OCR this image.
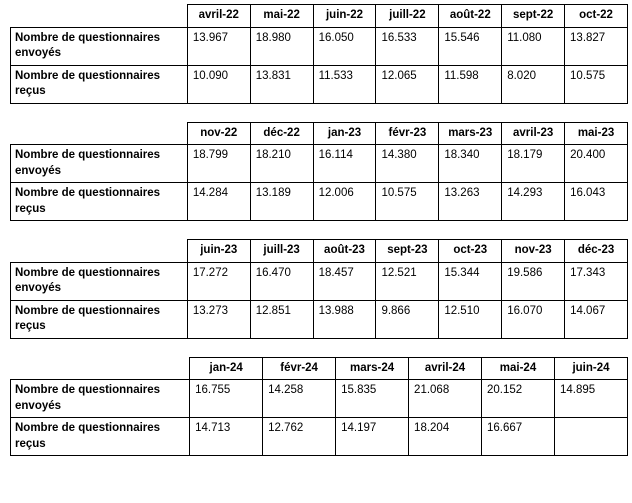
	avril-22	mai-22	juin-22	juill-22	août-22	sept-22	oct-22
Nombre de questionnaires envoyés	13.967	18.980	16.050	16.533	15.546	11.080	13.827
Nombre de questionnaires reçus	10.090	13.831	11.533	12.065	11.598	8.020	10.575
	nov-22	déc-22	jan-23	févr-23	mars-23	avril-23	mai-23
Nombre de questionnaires envoyés	18.799	18.210	16.114	14.380	18.340	18.179	20.400
Nombre de questionnaires reçus	14.284	13.189	12.006	10.575	13.263	14.293	16.043
	juin-23	juill-23	août-23	sept-23	oct-23	nov-23	déc-23
Nombre de questionnaires envoyés	17.272	16.470	18.457	12.521	15.344	19.586	17.343
Nombre de questionnaires reçus	13.273	12.851	13.988	9.866	12.510	16.070	14.067
	jan-24	févr-24	mars-24	avril-24	mai-24	juin-24
Nombre de questionnaires envoyés	16.755	14.258	15.835	21.068	20.152	14.895
Nombre de questionnaires reçus	14.713	12.762	14.197	18.204	16.667	
